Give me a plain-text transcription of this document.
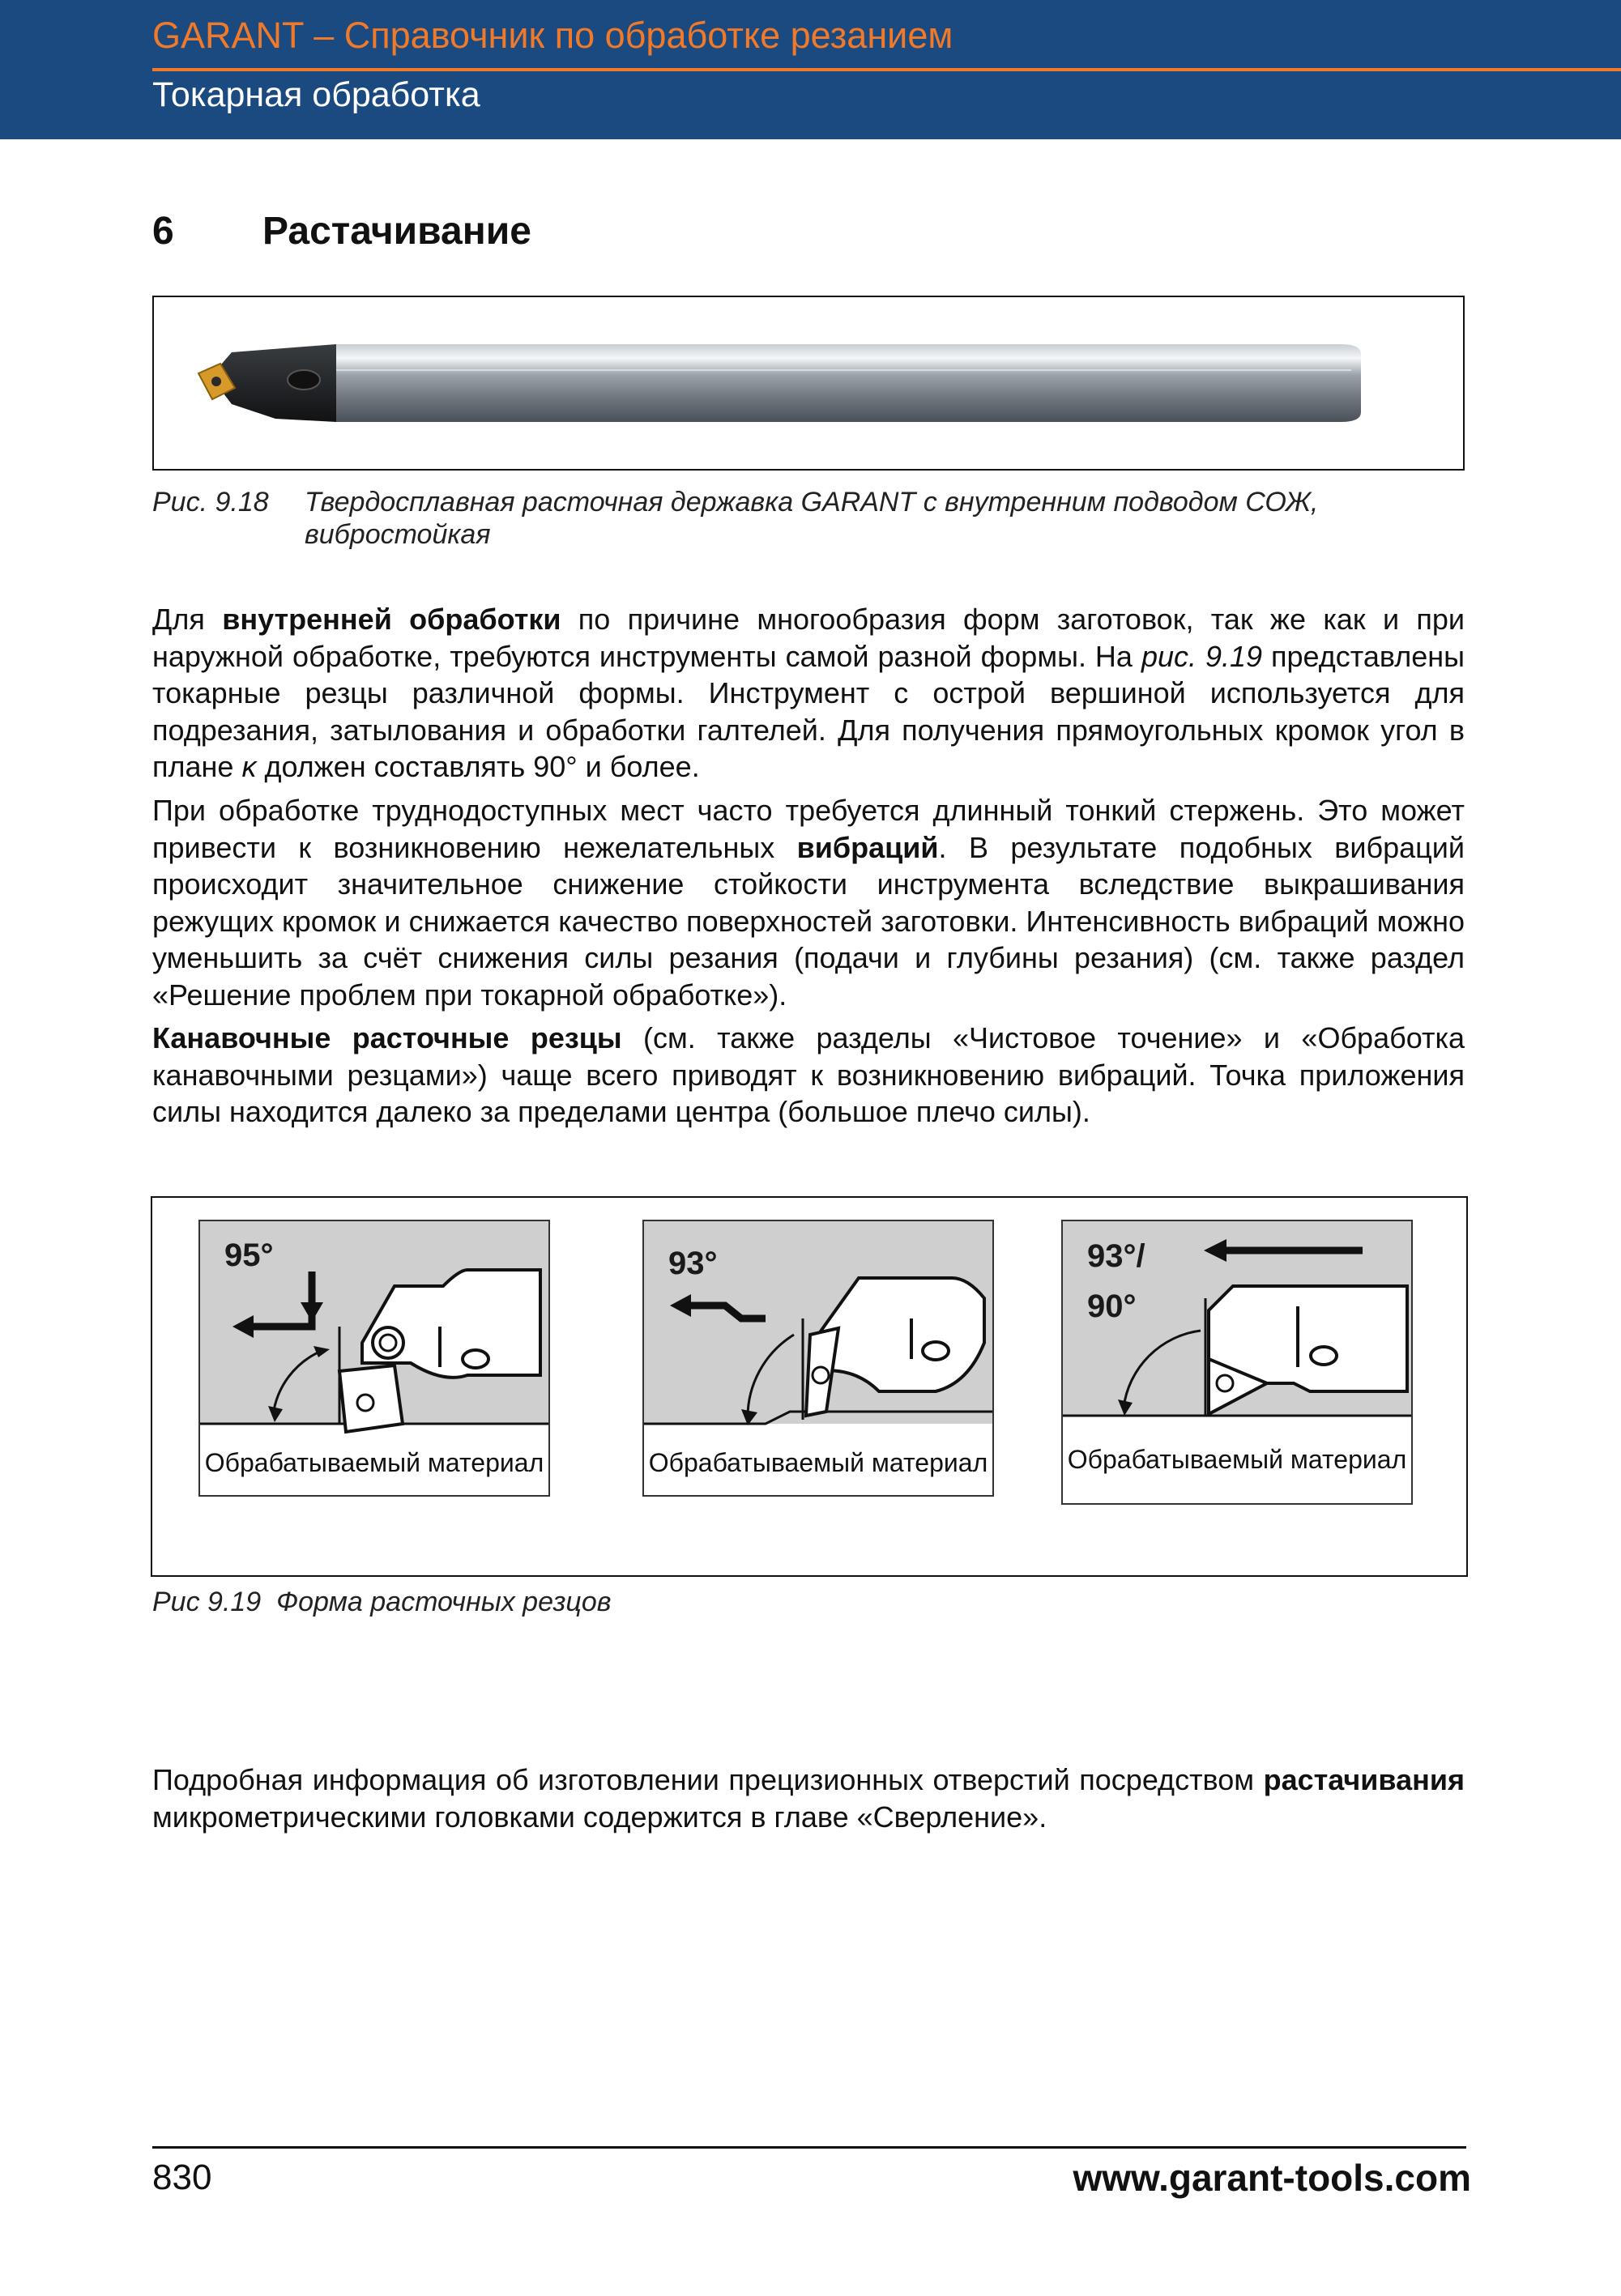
GARANT – Справочник по обработке резанием
Токарная обработка
6 Растачивание
Рис. 9.18 Твердосплавная расточная державка GARANT с внутренним подводом СОЖ, вибростойкая

Для внутренней обработки по причине многообразия форм заготовок, так же как и при наружной обработке, требуются инструменты самой разной формы. На рис. 9.19 представлены токарные резцы различной формы. Инструмент с острой вершиной используется для подрезания, затылования и обработки галтелей. Для получения прямоугольных кромок угол в плане κ должен составлять 90° и более.

При обработке труднодоступных мест часто требуется длинный тонкий стержень. Это может привести к возникновению нежелательных вибраций. В результате подобных вибраций происходит значительное снижение стойкости инструмента вследствие выкрашивания режущих кромок и снижается качество поверхностей заготовки. Интенсивность вибраций можно уменьшить за счёт снижения силы резания (подачи и глубины резания) (см. также раздел «Решение проблем при токарной обработке»).

Канавочные расточные резцы (см. также разделы «Чистовое точение» и «Обработка канавочными резцами») чаще всего приводят к возникновению вибраций. Точка приложения силы находится далеко за пределами центра (большое плечо силы).

95°
Обрабатываемый материал
93°
Обрабатываемый материал
93°/
90°
Обрабатываемый материал
Рис 9.19 Форма расточных резцов

Подробная информация об изготовлении прецизионных отверстий посредством растачивания микрометрическими головками содержится в главе «Сверление».

830	www.garant-tools.com
